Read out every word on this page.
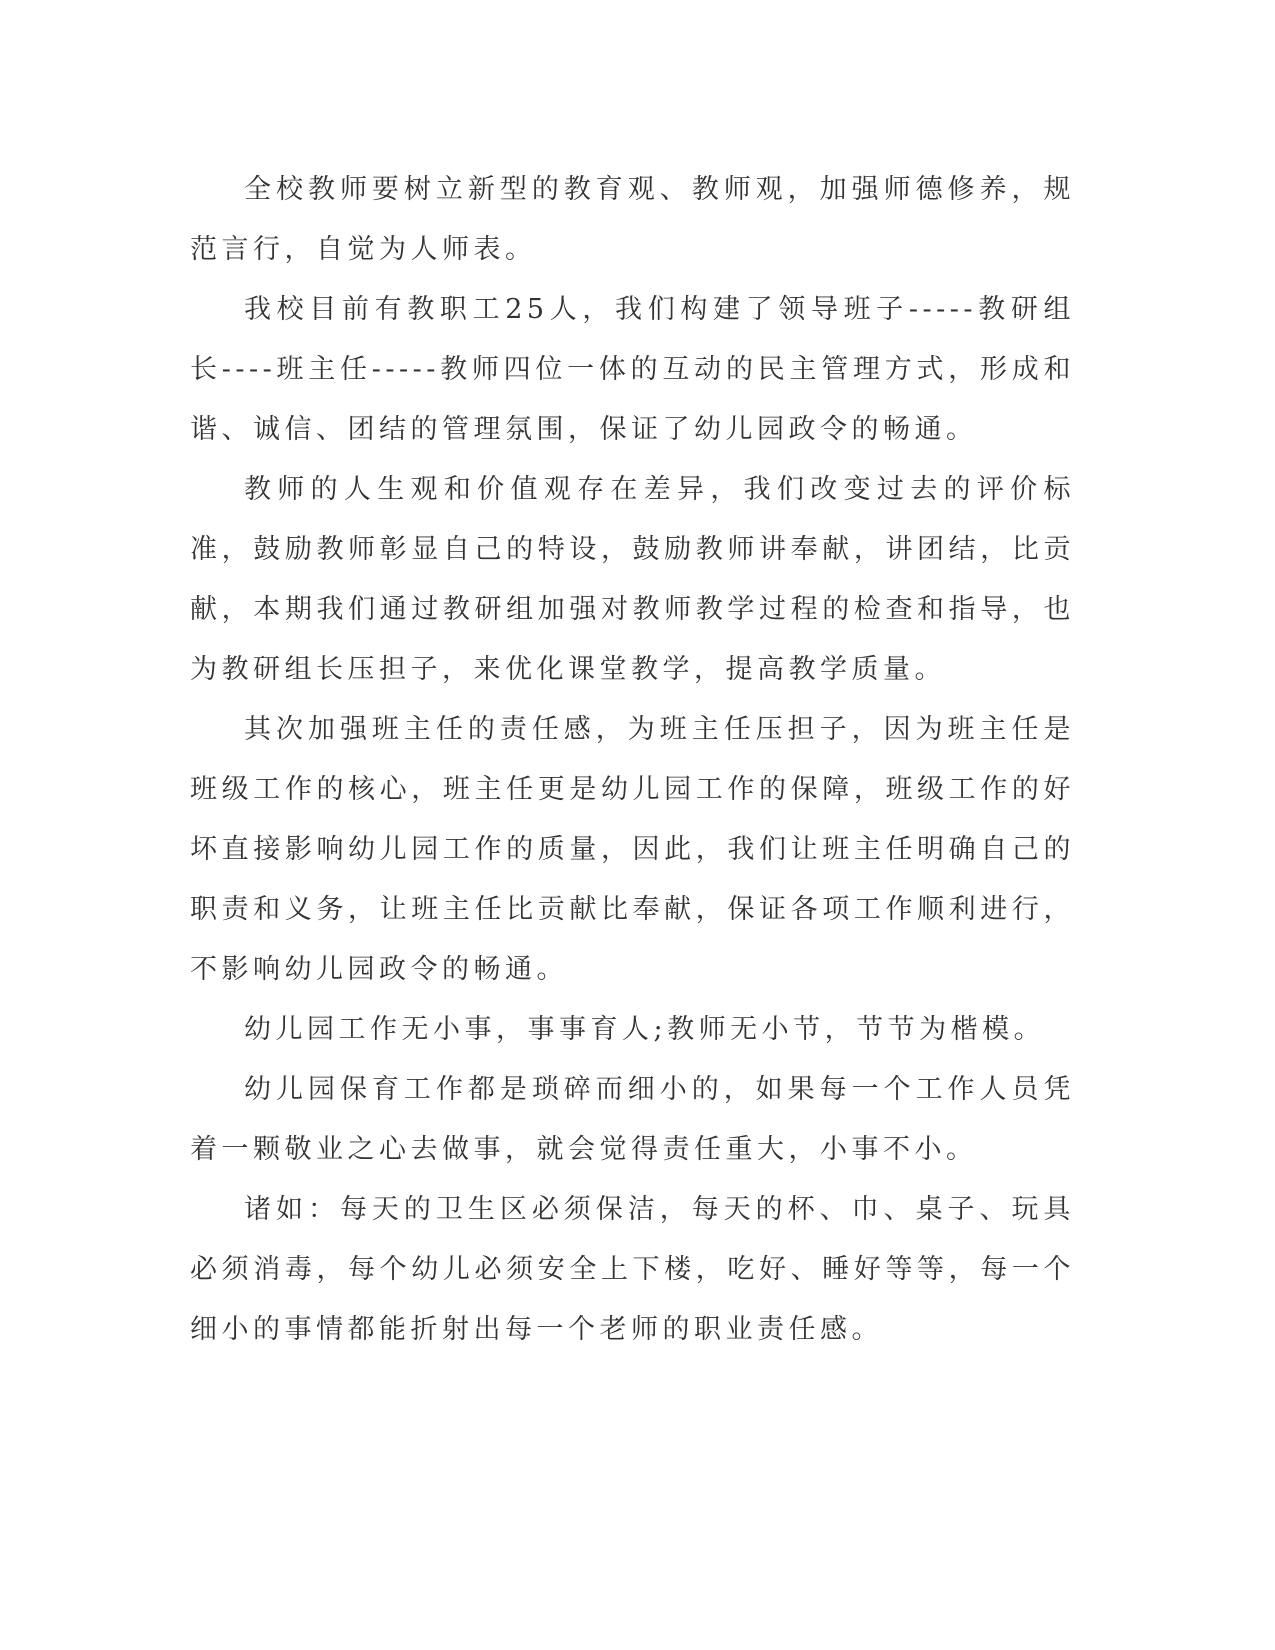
全校教师要树立新型的教育观、教师观，加强师德修养，规范言行，自觉为人师表。

我校目前有教职工25人，我们构建了领导班子-----教研组长----班主任-----教师四位一体的互动的民主管理方式，形成和谐、诚信、团结的管理氛围，保证了幼儿园政令的畅通。

教师的人生观和价值观存在差异，我们改变过去的评价标准，鼓励教师彰显自己的特设，鼓励教师讲奉献，讲团结，比贡献，本期我们通过教研组加强对教师教学过程的检查和指导，也为教研组长压担子，来优化课堂教学，提高教学质量。

其次加强班主任的责任感，为班主任压担子，因为班主任是班级工作的核心，班主任更是幼儿园工作的保障，班级工作的好坏直接影响幼儿园工作的质量，因此，我们让班主任明确自己的职责和义务，让班主任比贡献比奉献，保证各项工作顺利进行，不影响幼儿园政令的畅通。

幼儿园工作无小事，事事育人;教师无小节，节节为楷模。

幼儿园保育工作都是琐碎而细小的，如果每一个工作人员凭着一颗敬业之心去做事，就会觉得责任重大，小事不小。

诸如：每天的卫生区必须保洁，每天的杯、巾、桌子、玩具必须消毒，每个幼儿必须安全上下楼，吃好、睡好等等，每一个细小的事情都能折射出每一个老师的职业责任感。
